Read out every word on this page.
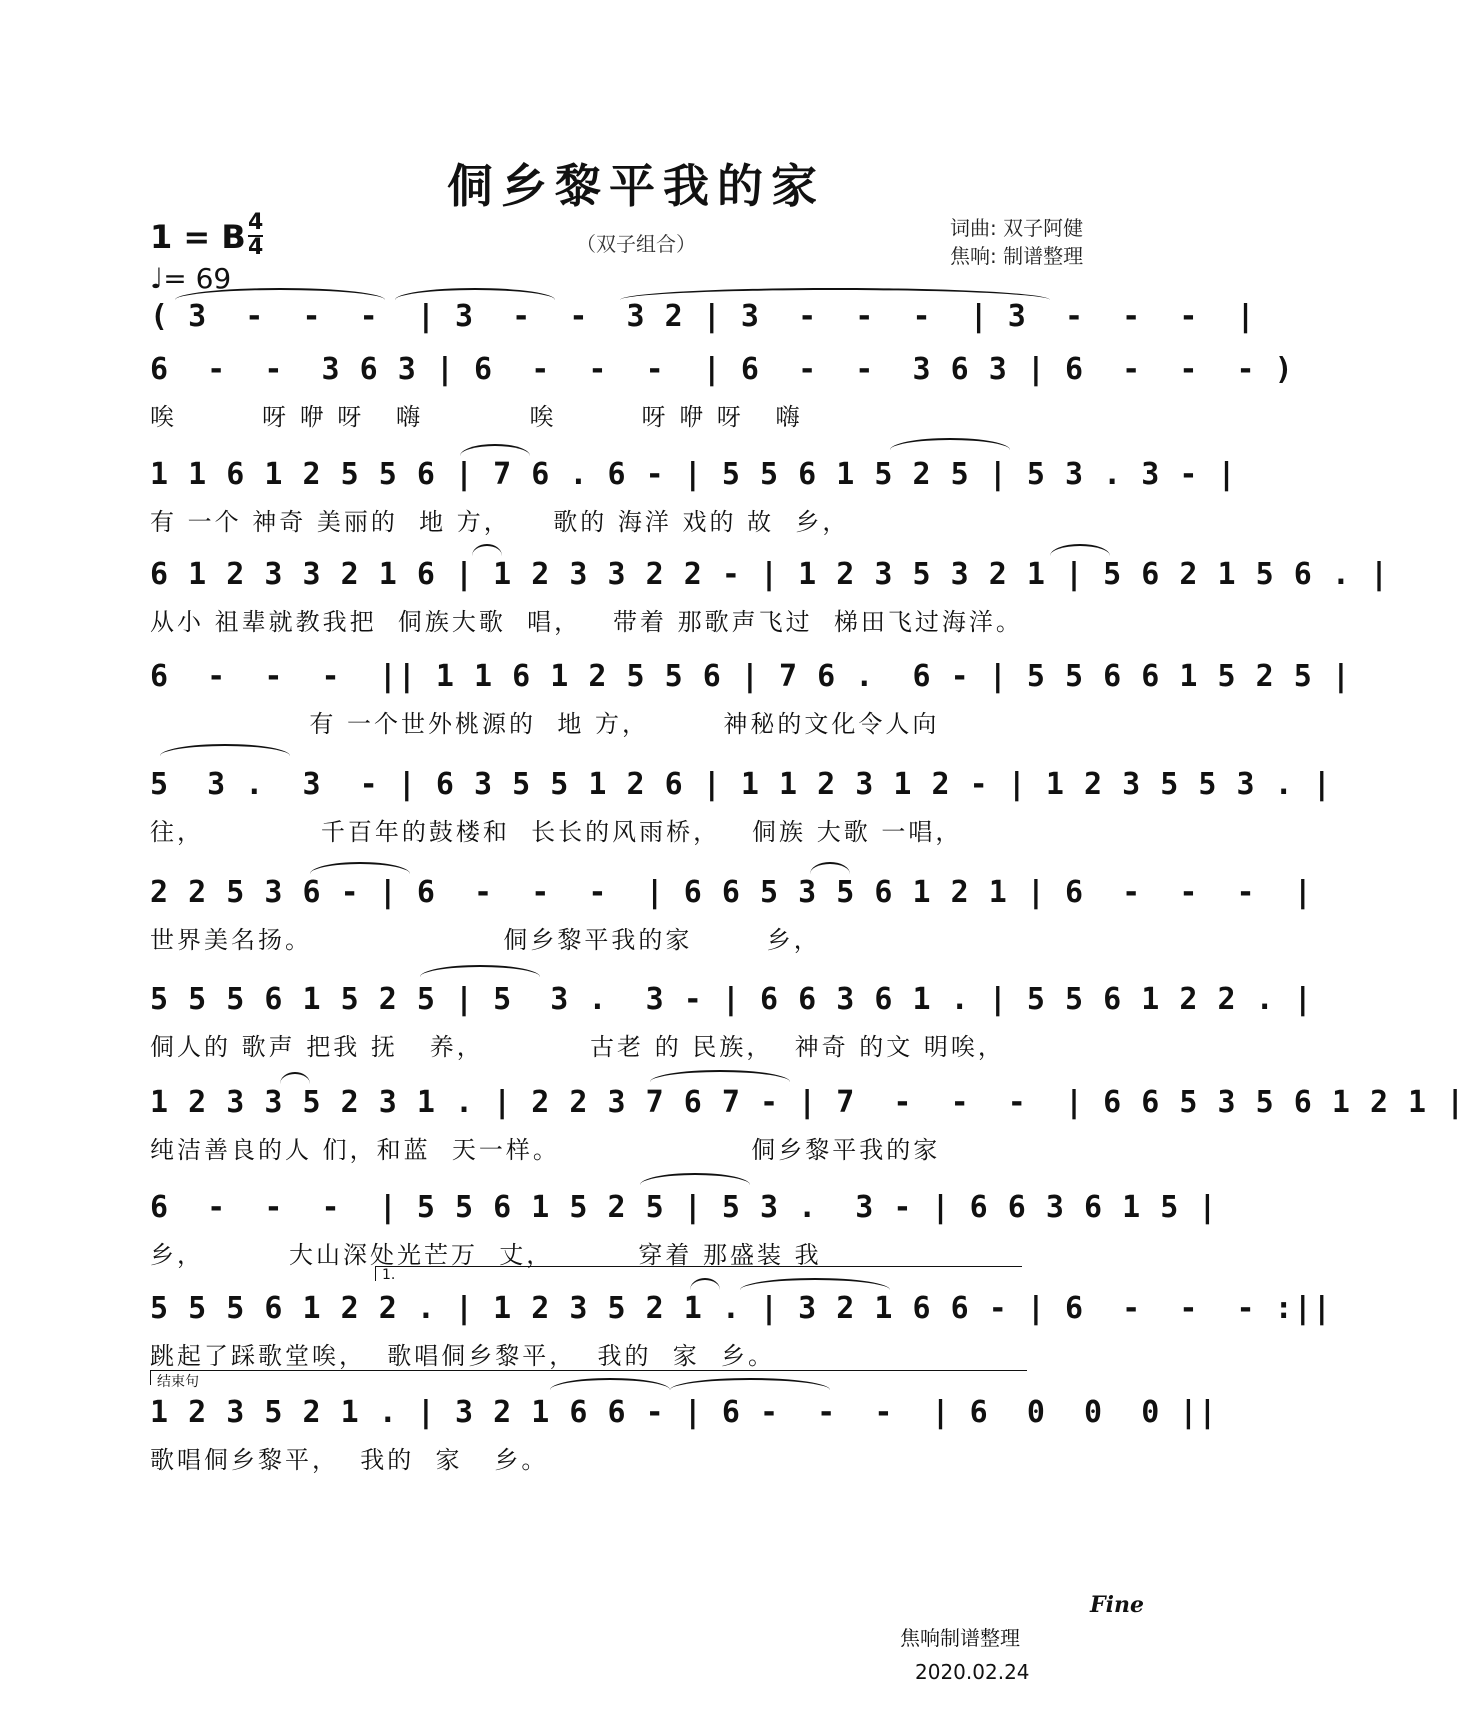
侗乡黎平我的家
（双子组合）
1 = B 4
4
♩= 69
词曲: 双子阿健
焦响: 制谱整理
( 3  -  -  -  | 3  -  -  3 2 | 3  -  -  -  | 3  -  -  -  |
6  -  -  3 6 3 | 6  -  -  -  | 6  -  -  3 6 3 | 6  -  -  - )
唉        呀 咿 呀   嗨          唉        呀 咿 呀   嗨
1 1 6 1 2 5 5 6 | 7 6 . 6 - | 5 5 6 1 5 2 5 | 5 3 . 3 - |
有 一个 神奇 美丽的  地 方，    歌的 海洋 戏的 故  乡，
6 1 2 3 3 2 1 6 | 1 2 3 3 2 2 - | 1 2 3 5 3 2 1 | 5 6 2 1 5 6 . |
从小 祖辈就教我把  侗族大歌  唱，   带着 那歌声飞过  梯田飞过海洋。
6  -  -  -  || 1 1 6 1 2 5 5 6 | 7 6 .  6 - | 5 5 6 6 1 5 2 5 |
有 一个世外桃源的  地 方，       神秘的文化令人向
5  3 .  3  - | 6 3 5 5 1 2 6 | 1 1 2 3 1 2 - | 1 2 3 5 5 3 . |
往，           千百年的鼓楼和  长长的风雨桥，   侗族 大歌 一唱，
2 2 5 3 6 - | 6  -  -  -  | 6 6 5 3 5 6 1 2 1 | 6  -  -  -  |
世界美名扬。                  侗乡黎平我的家       乡，
5 5 5 6 1 5 2 5 | 5  3 .  3 - | 6 6 3 6 1 . | 5 5 6 1 2 2 . |
侗人的 歌声 把我 抚   养，          古老 的 民族，  神奇 的文 明唉，
1 2 3 3 5 2 3 1 . | 2 2 3 7 6 7 - | 7  -  -  -  | 6 6 5 3 5 6 1 2 1 |
纯洁善良的人 们，和蓝  天一样。                  侗乡黎平我的家
6  -  -  -  | 5 5 6 1 5 2 5 | 5 3 .  3 - | 6 6 3 6 1 5 |
乡，        大山深处光芒万  丈，        穿着 那盛装 我
1.
5 5 5 6 1 2 2 . | 1 2 3 5 2 1 . | 3 2 1 6 6 - | 6  -  -  - :||
跳起了踩歌堂唉，  歌唱侗乡黎平，  我的  家  乡。
结束句
1 2 3 5 2 1 . | 3 2 1 6 6 - | 6 -  -  -  | 6  0  0  0 ||
歌唱侗乡黎平，  我的  家   乡。
Fine
焦响制谱整理
2020.02.24
